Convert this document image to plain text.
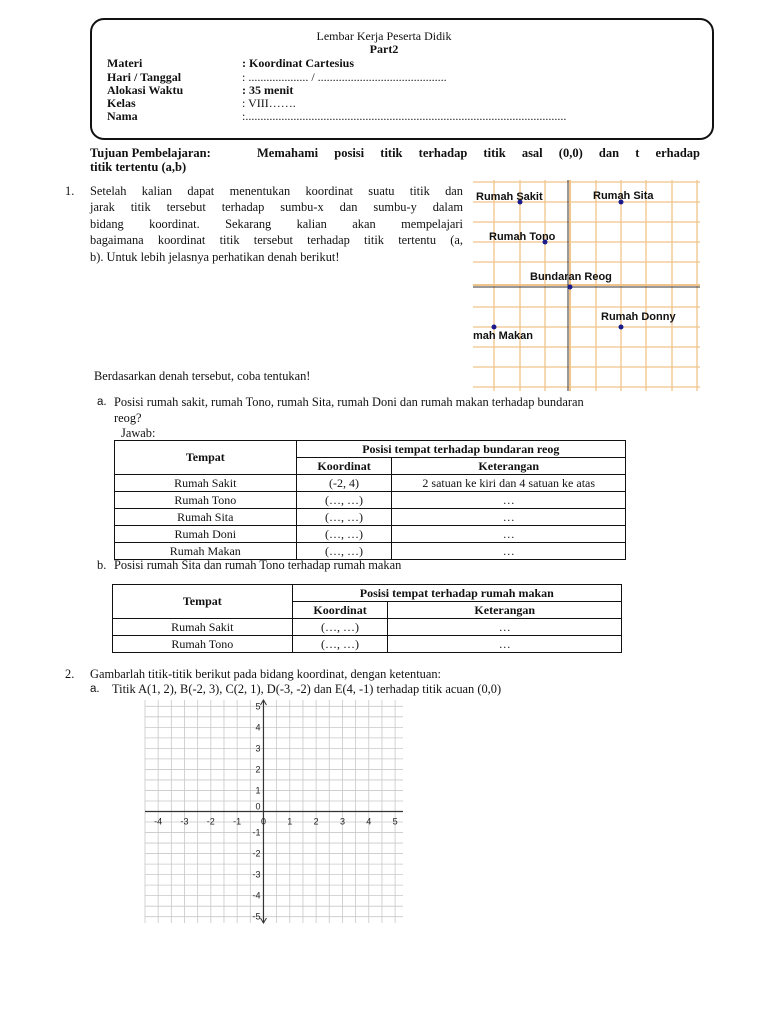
Lembar Kerja Peserta Didik
Part2
Materi	: Koordinat Cartesius
Hari / Tanggal	: .................... / ...........................................
Alokasi Waktu	: 35 menit
Kelas	: VIII…….
Nama	:...........................................................................................................
Tujuan Pembelajaran:	Memahami posisi titik terhadap titik asal (0,0) dan t erhadap
titik tertentu (a,b)
1. Setelah kalian dapat menentukan koordinat suatu titik dan
jarak titik tersebut terhadap sumbu-x dan sumbu-y dalam
bidang koordinat. Sekarang kalian akan mempelajari
bagaimana koordinat titik tersebut terhadap titik tertentu (a,
b). Untuk lebih jelasnya perhatikan denah berikut!
Rumah Sakit	Rumah Sita
Rumah Tono
Bundaran Reog
Rumah Donny
mah Makan
Berdasarkan denah tersebut, coba tentukan!
a. Posisi rumah sakit, rumah Tono, rumah Sita, rumah Doni dan rumah makan terhadap bundaran
reog?
Jawab:
Tempat	Posisi tempat terhadap bundaran reog	
	Koordinat	Keterangan
Rumah Sakit	(-2, 4)	2 satuan ke kiri dan 4 satuan ke atas
Rumah Tono	(…, …)	…
Rumah Sita	(…, …)	…
Rumah Doni	(…, …)	…
Rumah Makan	(…, …)	…
b. Posisi rumah Sita dan rumah Tono terhadap rumah makan
Tempat	Posisi tempat terhadap rumah makan	
	Koordinat	Keterangan
Rumah Sakit	(…, …)	…
Rumah Tono	(…, …)	…
2. Gambarlah titik-titik berikut pada bidang koordinat, dengan ketentuan:
a. Titik A(1, 2), B(-2, 3), C(2, 1), D(-3, -2) dan E(4, -1) terhadap titik acuan (0,0)
-4 -3 -2 -1 0 1 2 3 4 5
5
4
3
2
1
0
-1
-2
-3
-4
-5
